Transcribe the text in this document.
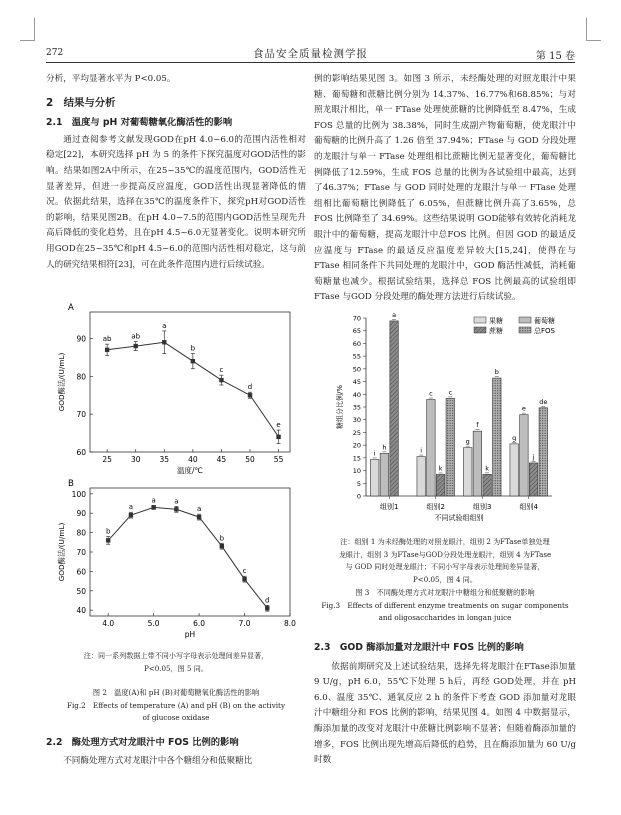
272	食品安全质量检测学报	第 15 卷

分析，平均显著水平为 P<0.05。

2　结果与分析

2.1　温度与 pH 对葡萄糖氧化酶活性的影响

通过查阅参考文献发现GOD在pH 4.0~6.0的范围内活性相对稳定[22]，本研究选择 pH 为 5 的条件下探究温度对GOD活性的影响。结果如图2A中所示，在25~35℃的温度范围内，GOD活性无显著差异，但进一步提高反应温度，GOD活性出现显著降低的情况。依据此结果，选择在35℃的温度条件下，探究pH对GOD活性的影响，结果见图2B。在pH 4.0~7.5的范围内GOD活性呈现先升高后降低的变化趋势，且在pH 4.5~6.0无显著变化。说明本研究所用GOD在25~35℃和pH 4.5~6.0的范围内活性相对稳定，这与前人的研究结果相符[23]，可在此条件范围内进行后续试验。

A
60
70
80
90
25	30	35	40	45	50	55
温度/℃
GOD酶活/(U/mL)
ab	ab
a
b
c
d
e
B
40
50
60
70
80
90
100
4.0	5.0	6.0	7.0	8.0
pH
GOD酶活/(U/mL)	b
a
a	a
a
b
c
d
注：同一系列数据上带不同小写字母表示处理间差异显著，
P<0.05，图 5 同。
图 2　温度(A)和 pH (B)对葡萄糖氧化酶活性的影响
Fig.2　Effects of temperature (A) and pH (B) on the activity
of glucose oxidase

2.2　酶处理方式对龙眼汁中 FOS 比例的影响

不同酶处理方式对龙眼汁中各个糖组分和低聚糖比

例的影响结果见图 3。如图 3 所示，未经酶处理的对照龙眼汁中果糖、葡萄糖和蔗糖比例分别为 14.37%、16.77%和68.85%；与对照龙眼汁相比，单一 FTase 处理使蔗糖的比例降低至 8.47%，生成 FOS 总量的比例为 38.38%，同时生成副产物葡萄糖，使龙眼汁中葡萄糖的比例升高了 1.26 倍至 37.94%；FTase 与 GOD 分段处理的龙眼汁与单一 FTase 处理组相比蔗糖比例无显著变化，葡萄糖比例降低了12.59%，生成 FOS 总量的比例为各试验组中最高，达到了46.37%；FTase 与 GOD 同时处理的龙眼汁与单一 FTase 处理组相比葡萄糖比例降低了 6.05%，但蔗糖比例升高了3.65%，总 FOS 比例降至了 34.69%。这些结果说明 GOD能够有效转化消耗龙眼汁中的葡萄糖，提高龙眼汁中总FOS 比例。但因 GOD 的最适反应温度与 FTase 的最适反应温度差异较大[15,24]，使得在与 FTase 相同条件下共同处理的龙眼汁中，GOD 酶活性减低，消耗葡萄糖量也减少。根据试验结果，选择总 FOS 比例最高的试验组即 FTase 与GOD 分段处理的酶处理方法进行后续试验。

0
5
10
15
20
25
30
35
40
45
50
55
60
65
70
糖组分比例/%
i
h
a
组别1
i
c
k
c
组别2
g
f
k
b
组别3
g
e
j
de
组别4
不同试验组组别
果糖	葡萄糖
蔗糖	总FOS
注：组别 1 为未经酶处理的对照龙眼汁，组别 2 为FTase单独处理
龙眼汁，组别 3 为FTase与GOD分段处理龙眼汁，组别 4 为FTase
与 GOD 同时处理龙眼汁；不同小写字母表示处理间差异显著，
P<0.05，图 4 同。
图 3　不同酶处理方式对龙眼汁中糖组分和低聚糖的影响
Fig.3　Effects of different enzyme treatments on sugar components
and oligosaccharides in longan juice

2.3　GOD 酶添加量对龙眼汁中 FOS 比例的影响

依据前期研究及上述试验结果，选择先将龙眼汁在FTase添加量 9 U/g，pH 6.0，55℃下处理 5 h后，再经 GOD处理，并在 pH 6.0、温度 35℃、通氧反应 2 h 的条件下考查 GOD 添加量对龙眼汁中糖组分和 FOS 比例的影响，结果见图 4。如图 4 中数据显示，酶添加量的改变对龙眼汁中蔗糖比例影响不显著；但随着酶添加量的增多，FOS 比例出现先增高后降低的趋势，且在酶添加量为 60 U/g 时数
